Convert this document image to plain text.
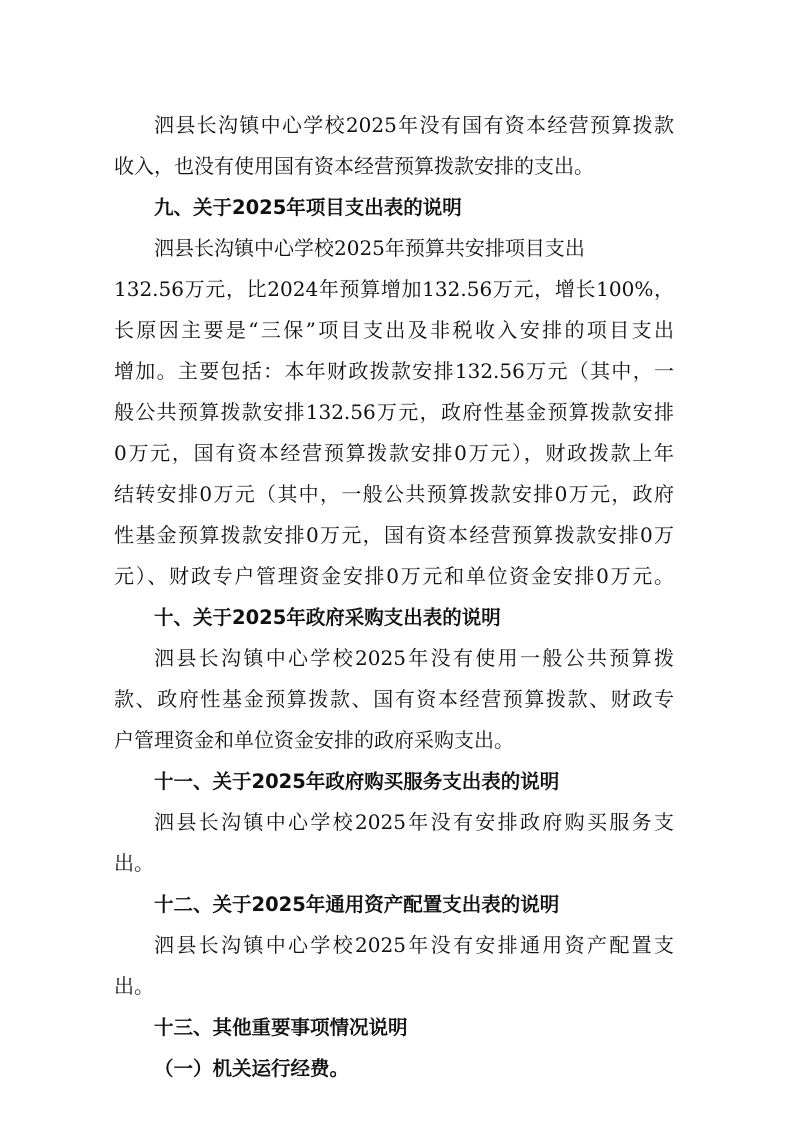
泗县长沟镇中心学校2025年没有国有资本经营预算拨款
收入，也没有使用国有资本经营预算拨款安排的支出。
九、关于2025年项目支出表的说明
泗县长沟镇中心学校2025年预算共安排项目支出
132.56万元，比2024年预算增加132.56万元，增长100%，
长原因主要是“三保”项目支出及非税收入安排的项目支出
增加。主要包括：本年财政拨款安排132.56万元（其中，一
般公共预算拨款安排132.56万元，政府性基金预算拨款安排
0万元，国有资本经营预算拨款安排0万元），财政拨款上年
结转安排0万元（其中，一般公共预算拨款安排0万元，政府
性基金预算拨款安排0万元，国有资本经营预算拨款安排0万
元）、财政专户管理资金安排0万元和单位资金安排0万元。
十、关于2025年政府采购支出表的说明
泗县长沟镇中心学校2025年没有使用一般公共预算拨
款、政府性基金预算拨款、国有资本经营预算拨款、财政专
户管理资金和单位资金安排的政府采购支出。
十一、关于2025年政府购买服务支出表的说明
泗县长沟镇中心学校2025年没有安排政府购买服务支
出。
十二、关于2025年通用资产配置支出表的说明
泗县长沟镇中心学校2025年没有安排通用资产配置支
出。
十三、其他重要事项情况说明
（一）机关运行经费。
